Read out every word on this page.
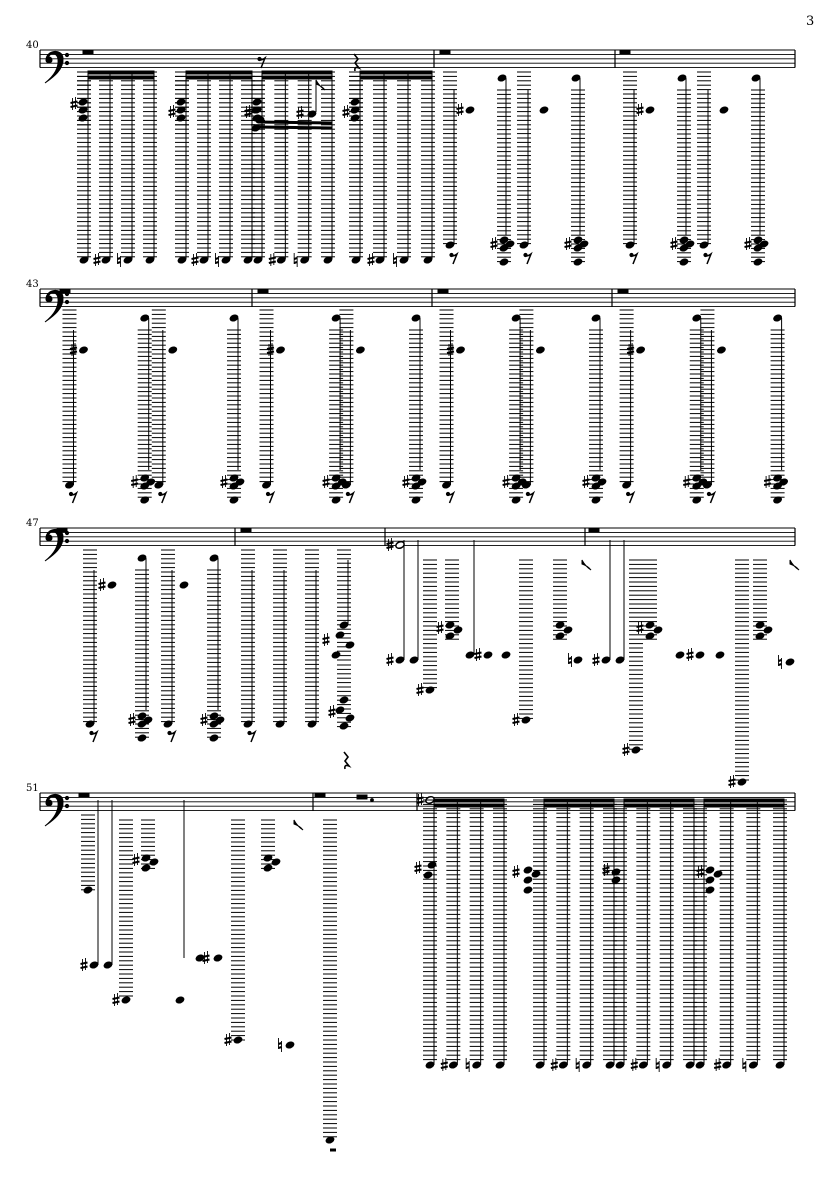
3
40
43
47
51
